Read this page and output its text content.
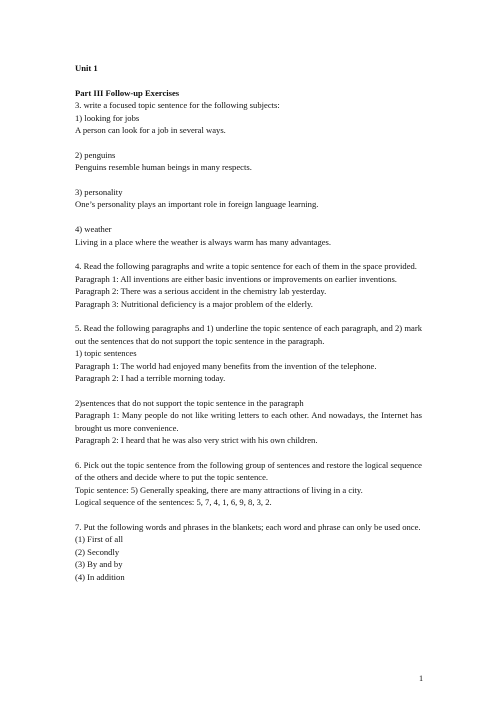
Unit 1
Part III Follow-up Exercises
3. write a focused topic sentence for the following subjects:
1) looking for jobs
A person can look for a job in several ways.
2) penguins
Penguins resemble human beings in many respects.
3) personality
One’s personality plays an important role in foreign language learning.
4) weather
Living in a place where the weather is always warm has many advantages.
4. Read the following paragraphs and write a topic sentence for each of them in the space provided.
Paragraph 1: All inventions are either basic inventions or improvements on earlier inventions.
Paragraph 2: There was a serious accident in the chemistry lab yesterday.
Paragraph 3: Nutritional deficiency is a major problem of the elderly.
5. Read the following paragraphs and 1) underline the topic sentence of each paragraph, and 2) mark out the sentences that do not support the topic sentence in the paragraph.
1) topic sentences
Paragraph 1: The world had enjoyed many benefits from the invention of the telephone.
Paragraph 2: I had a terrible morning today.
2)sentences that do not support the topic sentence in the paragraph
Paragraph 1: Many people do not like writing letters to each other. And nowadays, the Internet has brought us more convenience.
Paragraph 2: I heard that he was also very strict with his own children.
6. Pick out the topic sentence from the following group of sentences and restore the logical sequence of the others and decide where to put the topic sentence.
Topic sentence: 5) Generally speaking, there are many attractions of living in a city.
Logical sequence of the sentences: 5, 7, 4, 1, 6, 9, 8, 3, 2.
7. Put the following words and phrases in the blankets; each word and phrase can only be used once.
(1) First of all
(2) Secondly
(3) By and by
(4) In addition
1
